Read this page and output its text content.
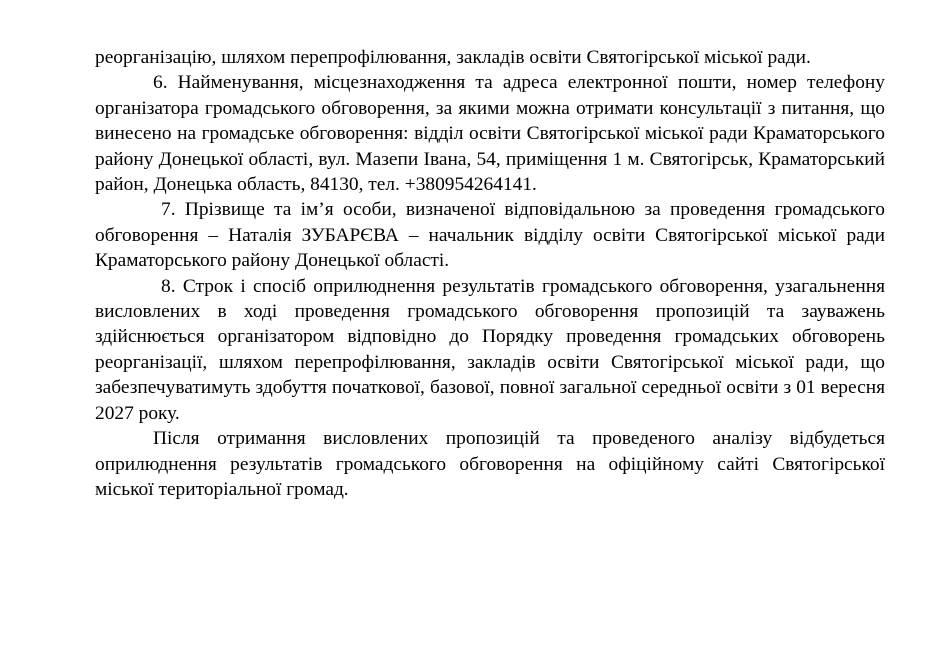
реорганізацію, шляхом перепрофілювання, закладів освіти Святогірської міської ради.

6. Найменування, місцезнаходження та адреса електронної пошти, номер телефону організатора громадського обговорення, за якими можна отримати консультації з питання, що винесено на громадське обговорення: відділ освіти Святогірської міської ради Краматорського району Донецької області, вул. Мазепи Івана, 54, приміщення 1 м. Святогірськ, Краматорський район, Донецька область, 84130, тел. +380954264141.

7. Прізвище та ім’я особи, визначеної відповідальною за проведення громадського обговорення – Наталія ЗУБАРЄВА – начальник відділу освіти Святогірської міської ради Краматорського району Донецької області.

8. Строк і спосіб оприлюднення результатів громадського обговорення, узагальнення висловлених в ході проведення громадського обговорення пропозицій та зауважень здійснюється організатором відповідно до Порядку проведення громадських обговорень реорганізації, шляхом перепрофілювання, закладів освіти Святогірської міської ради, що забезпечуватимуть здобуття початкової, базової, повної загальної середньої освіти з 01 вересня 2027 року.

Після отримання висловлених пропозицій та проведеного аналізу відбудеться оприлюднення результатів громадського обговорення на офіційному сайті Святогірської міської територіальної громад.
